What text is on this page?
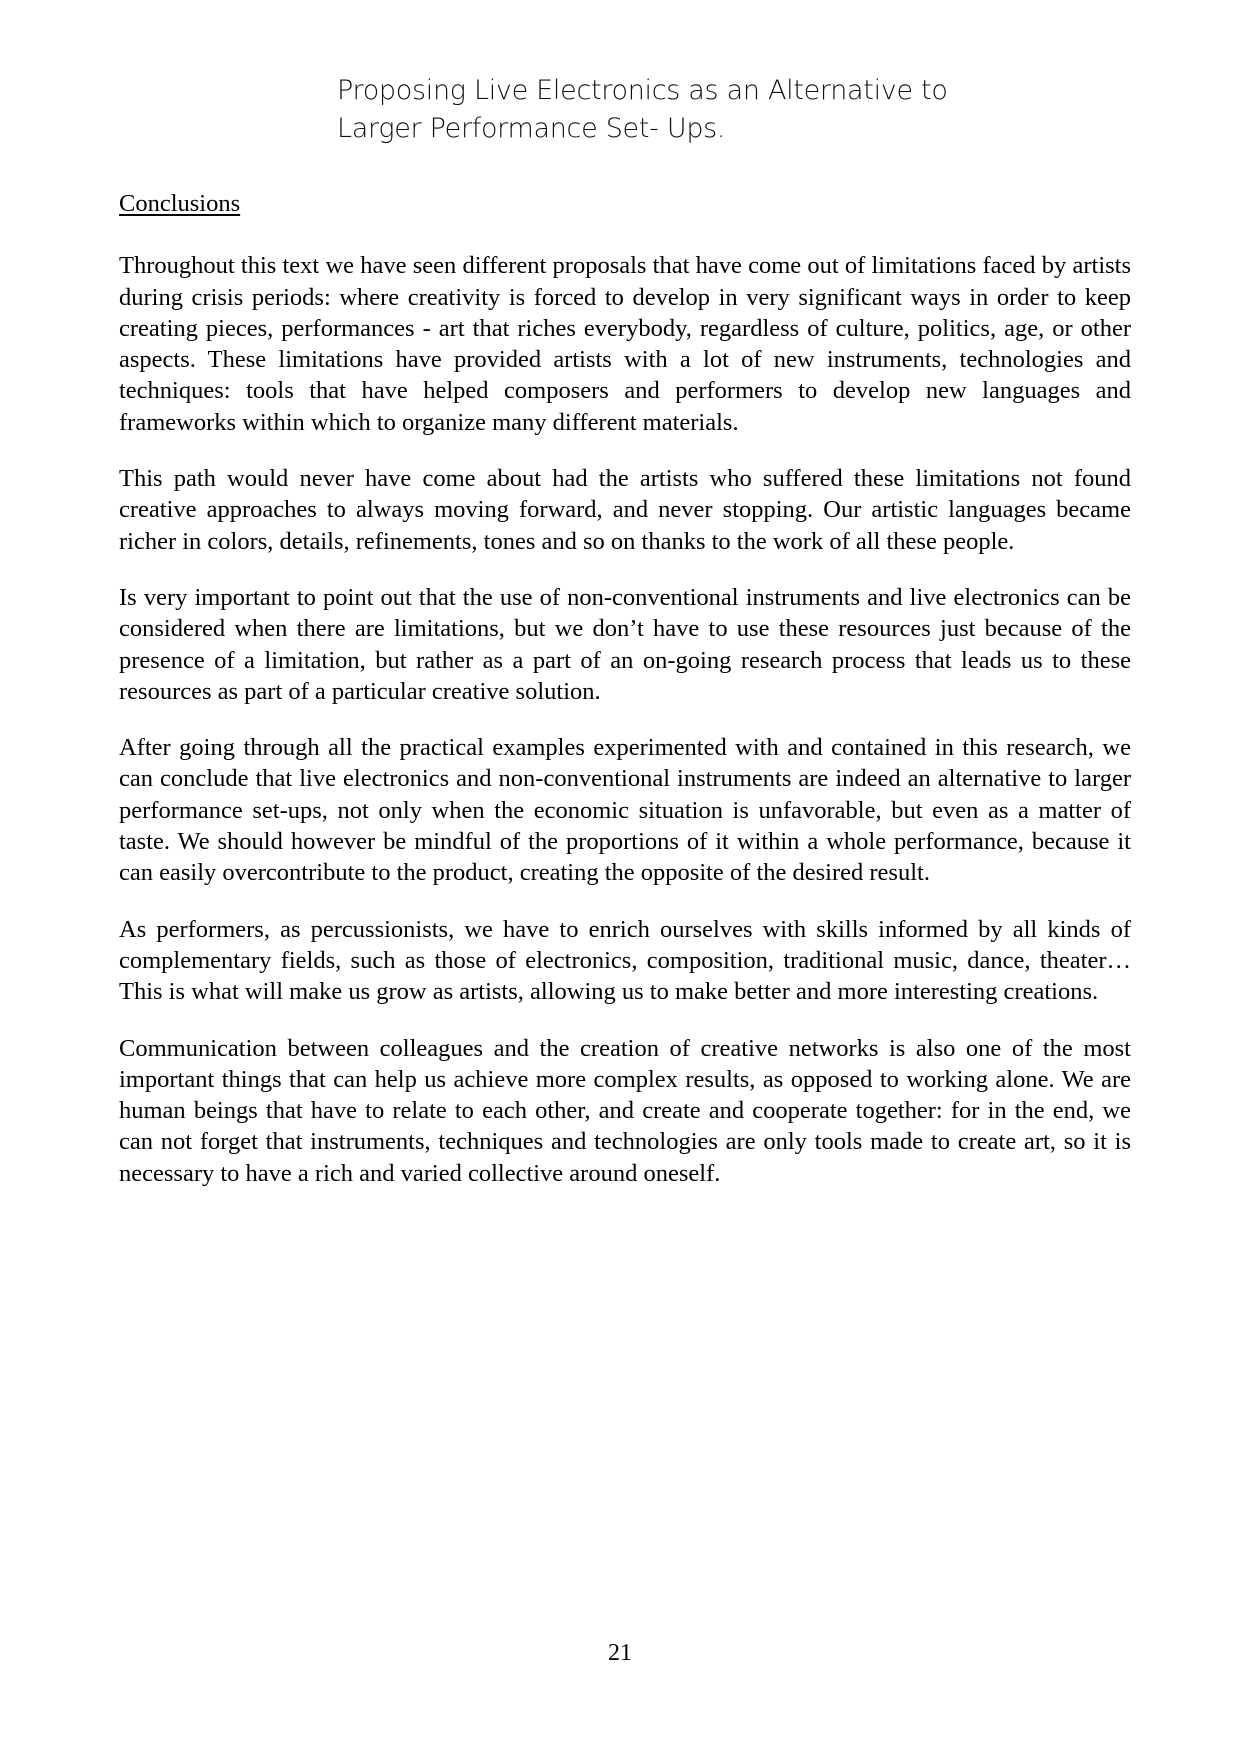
Proposing Live Electronics as an Alternative to
Larger Performance Set- Ups.
Conclusions

Throughout this text we have seen different proposals that have come out of limitations faced by artists during crisis periods: where creativity is forced to develop in very significant ways in order to keep creating pieces, performances - art that riches everybody, regardless of culture, politics, age, or other aspects. These limitations have provided artists with a lot of new instruments, technologies and techniques: tools that have helped composers and performers to develop new languages and frameworks within which to organize many different materials.

This path would never have come about had the artists who suffered these limitations not found creative approaches to always moving forward, and never stopping. Our artistic languages became richer in colors, details, refinements, tones and so on thanks to the work of all these people.

Is very important to point out that the use of non-conventional instruments and live electronics can be considered when there are limitations, but we don’t have to use these resources just because of the presence of a limitation, but rather as a part of an on-going research process that leads us to these resources as part of a particular creative solution.

After going through all the practical examples experimented with and contained in this research, we can conclude that live electronics and non-conventional instruments are indeed an alternative to larger performance set-ups, not only when the economic situation is unfavorable, but even as a matter of taste. We should however be mindful of the proportions of it within a whole performance, because it can easily overcontribute to the product, creating the opposite of the desired result.

As performers, as percussionists, we have to enrich ourselves with skills informed by all kinds of complementary fields, such as those of electronics, composition, traditional music, dance, theater… This is what will make us grow as artists, allowing us to make better and more interesting creations.

Communication between colleagues and the creation of creative networks is also one of the most important things that can help us achieve more complex results, as opposed to working alone. We are human beings that have to relate to each other, and create and cooperate together: for in the end, we can not forget that instruments, techniques and technologies are only tools made to create art, so it is necessary to have a rich and varied collective around oneself.

21
